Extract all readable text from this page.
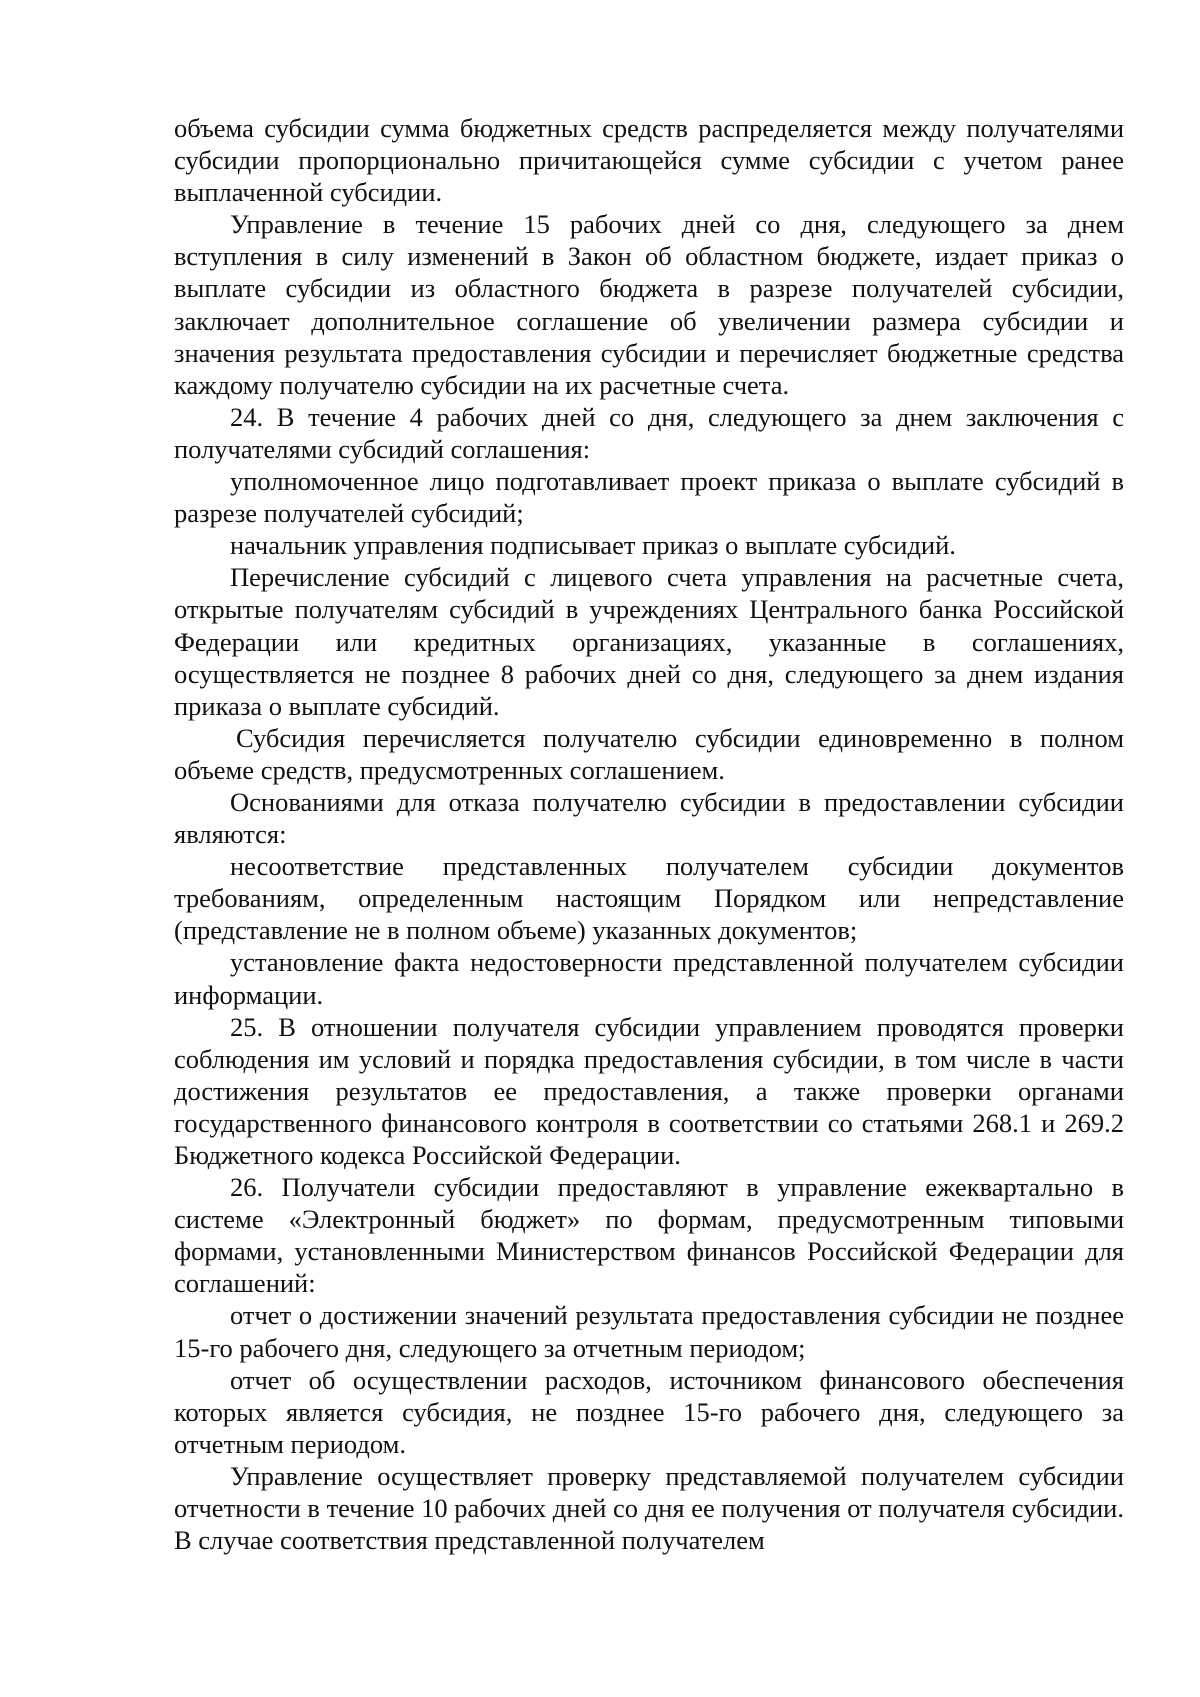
объема субсидии сумма бюджетных средств распределяется между получателями субсидии пропорционально причитающейся сумме субсидии с учетом ранее выплаченной субсидии.

Управление в течение 15 рабочих дней со дня, следующего за днем вступления в силу изменений в Закон об областном бюджете, издает приказ о выплате субсидии из областного бюджета в разрезе получателей субсидии, заключает дополнительное соглашение об увеличении размера субсидии и значения результата предоставления субсидии и перечисляет бюджетные средства каждому получателю субсидии на их расчетные счета.

24. В течение 4 рабочих дней со дня, следующего за днем заключения с получателями субсидий соглашения:

уполномоченное лицо подготавливает проект приказа о выплате субсидий в разрезе получателей субсидий;

начальник управления подписывает приказ о выплате субсидий.

Перечисление субсидий с лицевого счета управления на расчетные счета, открытые получателям субсидий в учреждениях Центрального банка Российской Федерации или кредитных организациях, указанные в соглашениях, осуществляется не позднее 8 рабочих дней со дня, следующего за днем издания приказа о выплате субсидий.

Субсидия перечисляется получателю субсидии единовременно в полном объеме средств, предусмотренных соглашением.

Основаниями для отказа получателю субсидии в предоставлении субсидии являются:

несоответствие представленных получателем субсидии документов требованиям, определенным настоящим Порядком или непредставление (представление не в полном объеме) указанных документов;

установление факта недостоверности представленной получателем субсидии информации.

25. В отношении получателя субсидии управлением проводятся проверки соблюдения им условий и порядка предоставления субсидии, в том числе в части достижения результатов ее предоставления, а также проверки органами государственного финансового контроля в соответствии со статьями 268.1 и 269.2 Бюджетного кодекса Российской Федерации.

26. Получатели субсидии предоставляют в управление ежеквартально в системе «Электронный бюджет» по формам, предусмотренным типовыми формами, установленными Министерством финансов Российской Федерации для соглашений:

отчет о достижении значений результата предоставления субсидии не позднее 15-го рабочего дня, следующего за отчетным периодом;

отчет об осуществлении расходов, источником финансового обеспечения которых является субсидия, не позднее 15-го рабочего дня, следующего за отчетным периодом.

Управление осуществляет проверку представляемой получателем субсидии отчетности в течение 10 рабочих дней со дня ее получения от получателя субсидии. В случае соответствия представленной получателем
